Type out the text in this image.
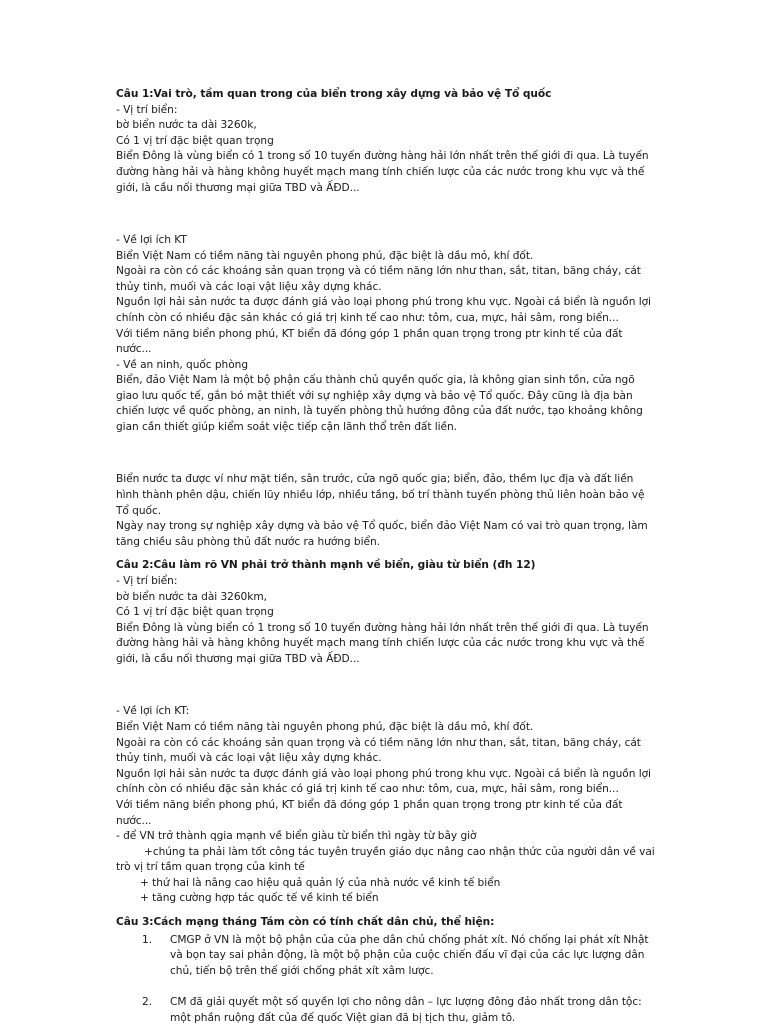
Câu 1:Vai trò, tầm quan trong của biển trong xây dựng và bảo vệ Tổ quốc

- Vị trí biển:

bờ biển nước ta dài 3260k,

Có 1 vị trí đặc biệt quan trọng

Biển Đông là vùng biển có 1 trong số 10 tuyến đường hàng hải lớn nhất trên thế giới đi qua. Là tuyến

đường hàng hải và hàng không huyết mạch mang tính chiến lược của các nước trong khu vực và thế

giới, là cầu nối thương mại giữa TBD và ẤĐD...

- Về lợi ích KT

Biển Việt Nam có tiềm năng tài nguyên phong phú, đặc biệt là dầu mỏ, khí đốt.

Ngoài ra còn có các khoáng sản quan trọng và có tiềm năng lớn như than, sắt, titan, băng cháy, cát

thủy tinh, muối và các loại vật liệu xây dựng khác.

Nguồn lợi hải sản nước ta được đánh giá vào loại phong phú trong khu vực. Ngoài cá biển là nguồn lợi

chính còn có nhiều đặc sản khác có giá trị kinh tế cao như: tôm, cua, mực, hải sâm, rong biển...

Với tiềm năng biển phong phú, KT biển đã đóng góp 1 phần quan trọng trong ptr kinh tế của đất

nước...

- Về an ninh, quốc phòng

Biển, đảo Việt Nam là một bộ phận cấu thành chủ quyền quốc gia, là không gian sinh tồn, cửa ngõ

giao lưu quốc tế, gắn bó mật thiết với sự nghiệp xây dựng và bảo vệ Tổ quốc. Đây cũng là địa bàn

chiến lược về quốc phòng, an ninh, là tuyến phòng thủ hướng đông của đất nước, tạo khoảng không

gian cần thiết giúp kiểm soát việc tiếp cận lãnh thổ trên đất liền.

Biển nước ta được ví như mặt tiền, sân trước, cửa ngõ quốc gia; biển, đảo, thềm lục địa và đất liền

hình thành phên dậu, chiến lũy nhiều lớp, nhiều tầng, bố trí thành tuyến phòng thủ liên hoàn bảo vệ

Tổ quốc.

Ngày nay trong sự nghiệp xây dựng và bảo vệ Tổ quốc, biển đảo Việt Nam có vai trò quan trọng, làm

tăng chiều sâu phòng thủ đất nước ra hướng biển.

Câu 2:Câu làm rõ VN phải trở thành mạnh về biển, giàu từ biển (đh 12)

- Vị trí biển:

bờ biển nước ta dài 3260km,

Có 1 vị trí đặc biệt quan trọng

Biển Đông là vùng biển có 1 trong số 10 tuyến đường hàng hải lớn nhất trên thế giới đi qua. Là tuyến

đường hàng hải và hàng không huyết mạch mang tính chiến lược của các nước trong khu vực và thế

giới, là cầu nối thương mại giữa TBD và ẤĐD...

- Về lợi ích KT:

Biển Việt Nam có tiềm năng tài nguyên phong phú, đặc biệt là dầu mỏ, khí đốt.

Ngoài ra còn có các khoáng sản quan trọng và có tiềm năng lớn như than, sắt, titan, băng cháy, cát

thủy tinh, muối và các loại vật liệu xây dựng khác.

Nguồn lợi hải sản nước ta được đánh giá vào loại phong phú trong khu vực. Ngoài cá biển là nguồn lợi

chính còn có nhiều đặc sản khác có giá trị kinh tế cao như: tôm, cua, mực, hải sâm, rong biển...

Với tiềm năng biển phong phú, KT biển đã đóng góp 1 phần quan trọng trong ptr kinh tế của đất

nước...

- để VN trở thành qgia mạnh về biển giàu từ biển thì ngày từ bây giờ

+chúng ta phải làm tốt công tác tuyên truyền giáo dục nâng cao nhận thức của người dân về vai

trò vị trí tầm quan trọng của kinh tế

+ thứ hai là nâng cao hiệu quả quản lý của nhà nước về kinh tế biển

+ tăng cường hợp tác quốc tế về kinh tế biển

Câu 3:Cách mạng tháng Tám còn có tính chất dân chủ, thể hiện:

1.	CMGP ở VN là một bộ phận của của phe dân chủ chống phát xít. Nó chống lại phát xít Nhật

và bọn tay sai phản động, là một bộ phận của cuộc chiến đấu vĩ đại của các lực lượng dân

chủ, tiến bộ trên thế giới chống phát xít xâm lược.

2.	CM đã giải quyết một số quyền lợi cho nông dân – lực lượng đông đảo nhất trong dân tộc:

một phần ruộng đất của đế quốc Việt gian đã bị tịch thu, giảm tô.
